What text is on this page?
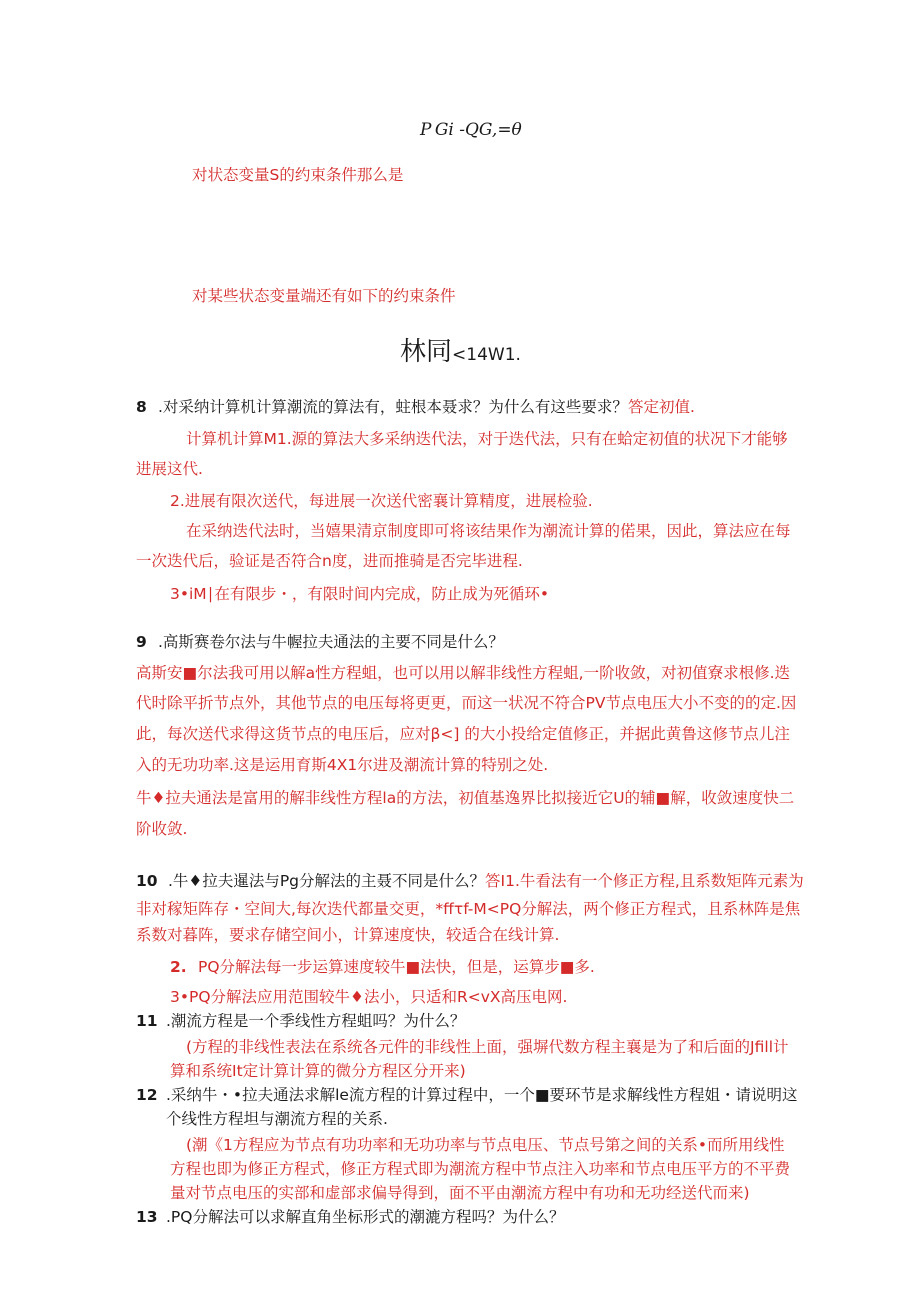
P Gi -QG,=θ
对状态变量S的约束条件那么是
对某些状态变量端还有如下的约束条件
林同<14W1.
8 .对采纳计算机计算潮流的算法有，蛀根本聂求？为什么有这些要求？答定初值.
计算机计算M1.源的算法大多采纳迭代法，对于迭代法，只有在蛤定初值的状况下才能够
进展这代.
2.进展有限次送代，每进展一次送代密襄计算精度，进展检验.
在采纳迭代法时，当嬉果清京制度即可将该结果作为潮流计算的偌果，因此，算法应在每
一次迭代后，验证是否符合n度，进而推骑是否完毕进程.
3•iM∣在有限步・，有限时间内完成，防止成为死循环•
9 .高斯赛卷尔法与牛幄拉夫通法的主要不同是什么？
高斯安■尔法我可用以解a性方程蛆，也可以用以解非线性方程蛆,一阶收敛，对初值寮求根修.迭
代时除平折节点外，其他节点的电压每将更更，而这一状况不符合PV节点电压大小不变的的定.因
此，每次送代求得这货节点的电压后，应对β<] 的大小投给定值修正，并据此黄鲁这修节点儿注
入的无功功率.这是运用育斯4X1尔进及潮流计算的特别之处.
牛♦拉夫通法是富用的解非线性方程la的方法，初值基逸界比拟接近它U的辅■解，收敛速度快二
阶收敛.
10 .牛♦拉夫暹法与Pg分解法的主聂不同是什么？答I1.牛看法有一个修正方程,且系数矩阵元素为
非对稼矩阵存・空间大,每次迭代都量交更，*ffτf-M<PQ分解法，两个修正方程式，且系林阵是焦
系数对暮阵，要求存储空间小，计算速度快，较适合在线计算.
2. PQ分解法每一步运算速度较牛■法快，但是，运算步■多.
3•PQ分解法应用范围较牛♦法小，只适和R<vX高压电网.
11 .潮流方程是一个季线性方程蛆吗？为什么？
(方程的非线性表法在系统各元件的非线性上面，强塀代数方程主襄是为了和后面的Jfill计
算和系统It定计算计算的微分方程区分开来)
12 .采纳牛・•拉夫通法求解le流方程的计算过程中，一个■要环节是求解线性方程姐・请说明这
个线性方程坦与潮流方程的关系.
(潮《1方程应为节点有功功率和无功功率与节点电压、节点号第之间的关系•而所用线性
方程也即为修正方程式，修正方程式即为潮流方程中节点注入功率和节点电压平方的不平费
量对节点电压的实部和虚部求偏导得到，面不平由潮流方程中有功和无功经送代而来)
13 .PQ分解法可以求解直角坐标形式的潮漉方程吗？为什么？
